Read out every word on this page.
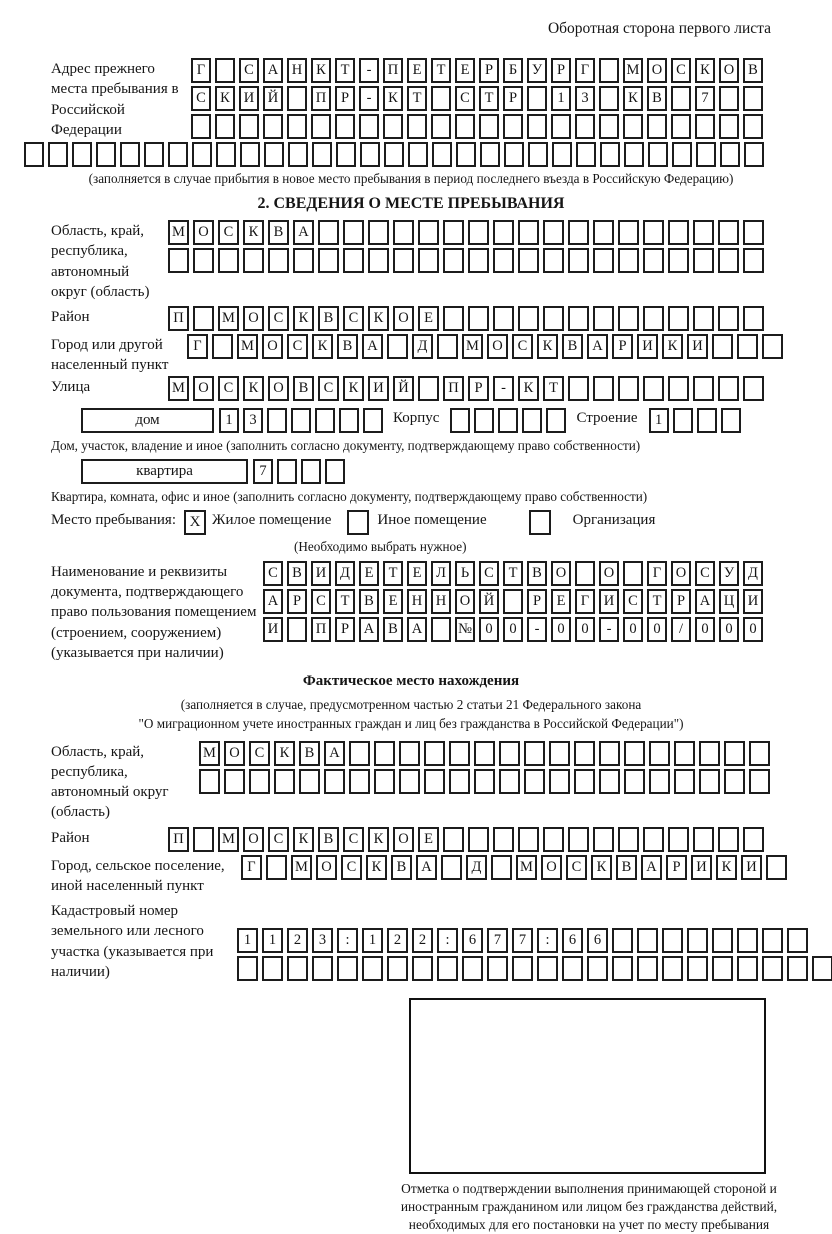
Оборотная сторона первого листа
Адрес прежнего места пребывания в Российской Федерации
Г	С А Н К Т - П Е Т Е Р Б У Р Г	М О С К О В
С К И Й	П Р - К Т	С Т Р	1 3	К В	7
(заполняется в случае прибытия в новое место пребывания в период последнего въезда в Российскую Федерацию)
2. СВЕДЕНИЯ О МЕСТЕ ПРЕБЫВАНИЯ
Область, край, республика, автономный округ (область)
М О С К В А
Район	П	М О С К В С К О Е
Город или другой населенный пункт
Г	М О С К В А	Д	М О С К В А Р И К И
Улица	М О С К О В С К И Й	П Р - К Т
дом	1 3	Корпус	Строение	1
Дом, участок, владение и иное (заполнить согласно документу, подтверждающему право собственности)
квартира	7
Квартира, комната, офис и иное (заполнить согласно документу, подтверждающему право собственности)
Место пребывания: X Жилое помещение	Иное помещение	Организация
(Необходимо выбрать нужное)
Наименование и реквизиты документа, подтверждающего право пользования помещением (строением, сооружением) (указывается при наличии)
С В И Д Е Т Е Л Ь С Т В О	О	Г О С У Д
А Р С Т В Е Н Н О Й	Р Е Г И С Т Р А Ц И
И	П Р А В А № 0 0 - 0 0 - 0 0 / 0 0 0
Фактическое место нахождения
(заполняется в случае, предусмотренном частью 2 статьи 21 Федерального закона
"О миграционном учете иностранных граждан и лиц без гражданства в Российской Федерации")
Область, край, республика, автономный округ (область)
М О С К В А
Район	П	М О С К В С К О Е
Город, сельское поселение, иной населенный пункт
Г	М О С К В А	Д	М О С К В А Р И К И
Кадастровый номер земельного или лесного участка (указывается при наличии)
1 1 2 3 : 1 2 2 : 6 7 7 : 6 6
Отметка о подтверждении выполнения принимающей стороной и иностранным гражданином или лицом без гражданства действий, необходимых для его постановки на учет по месту пребывания
